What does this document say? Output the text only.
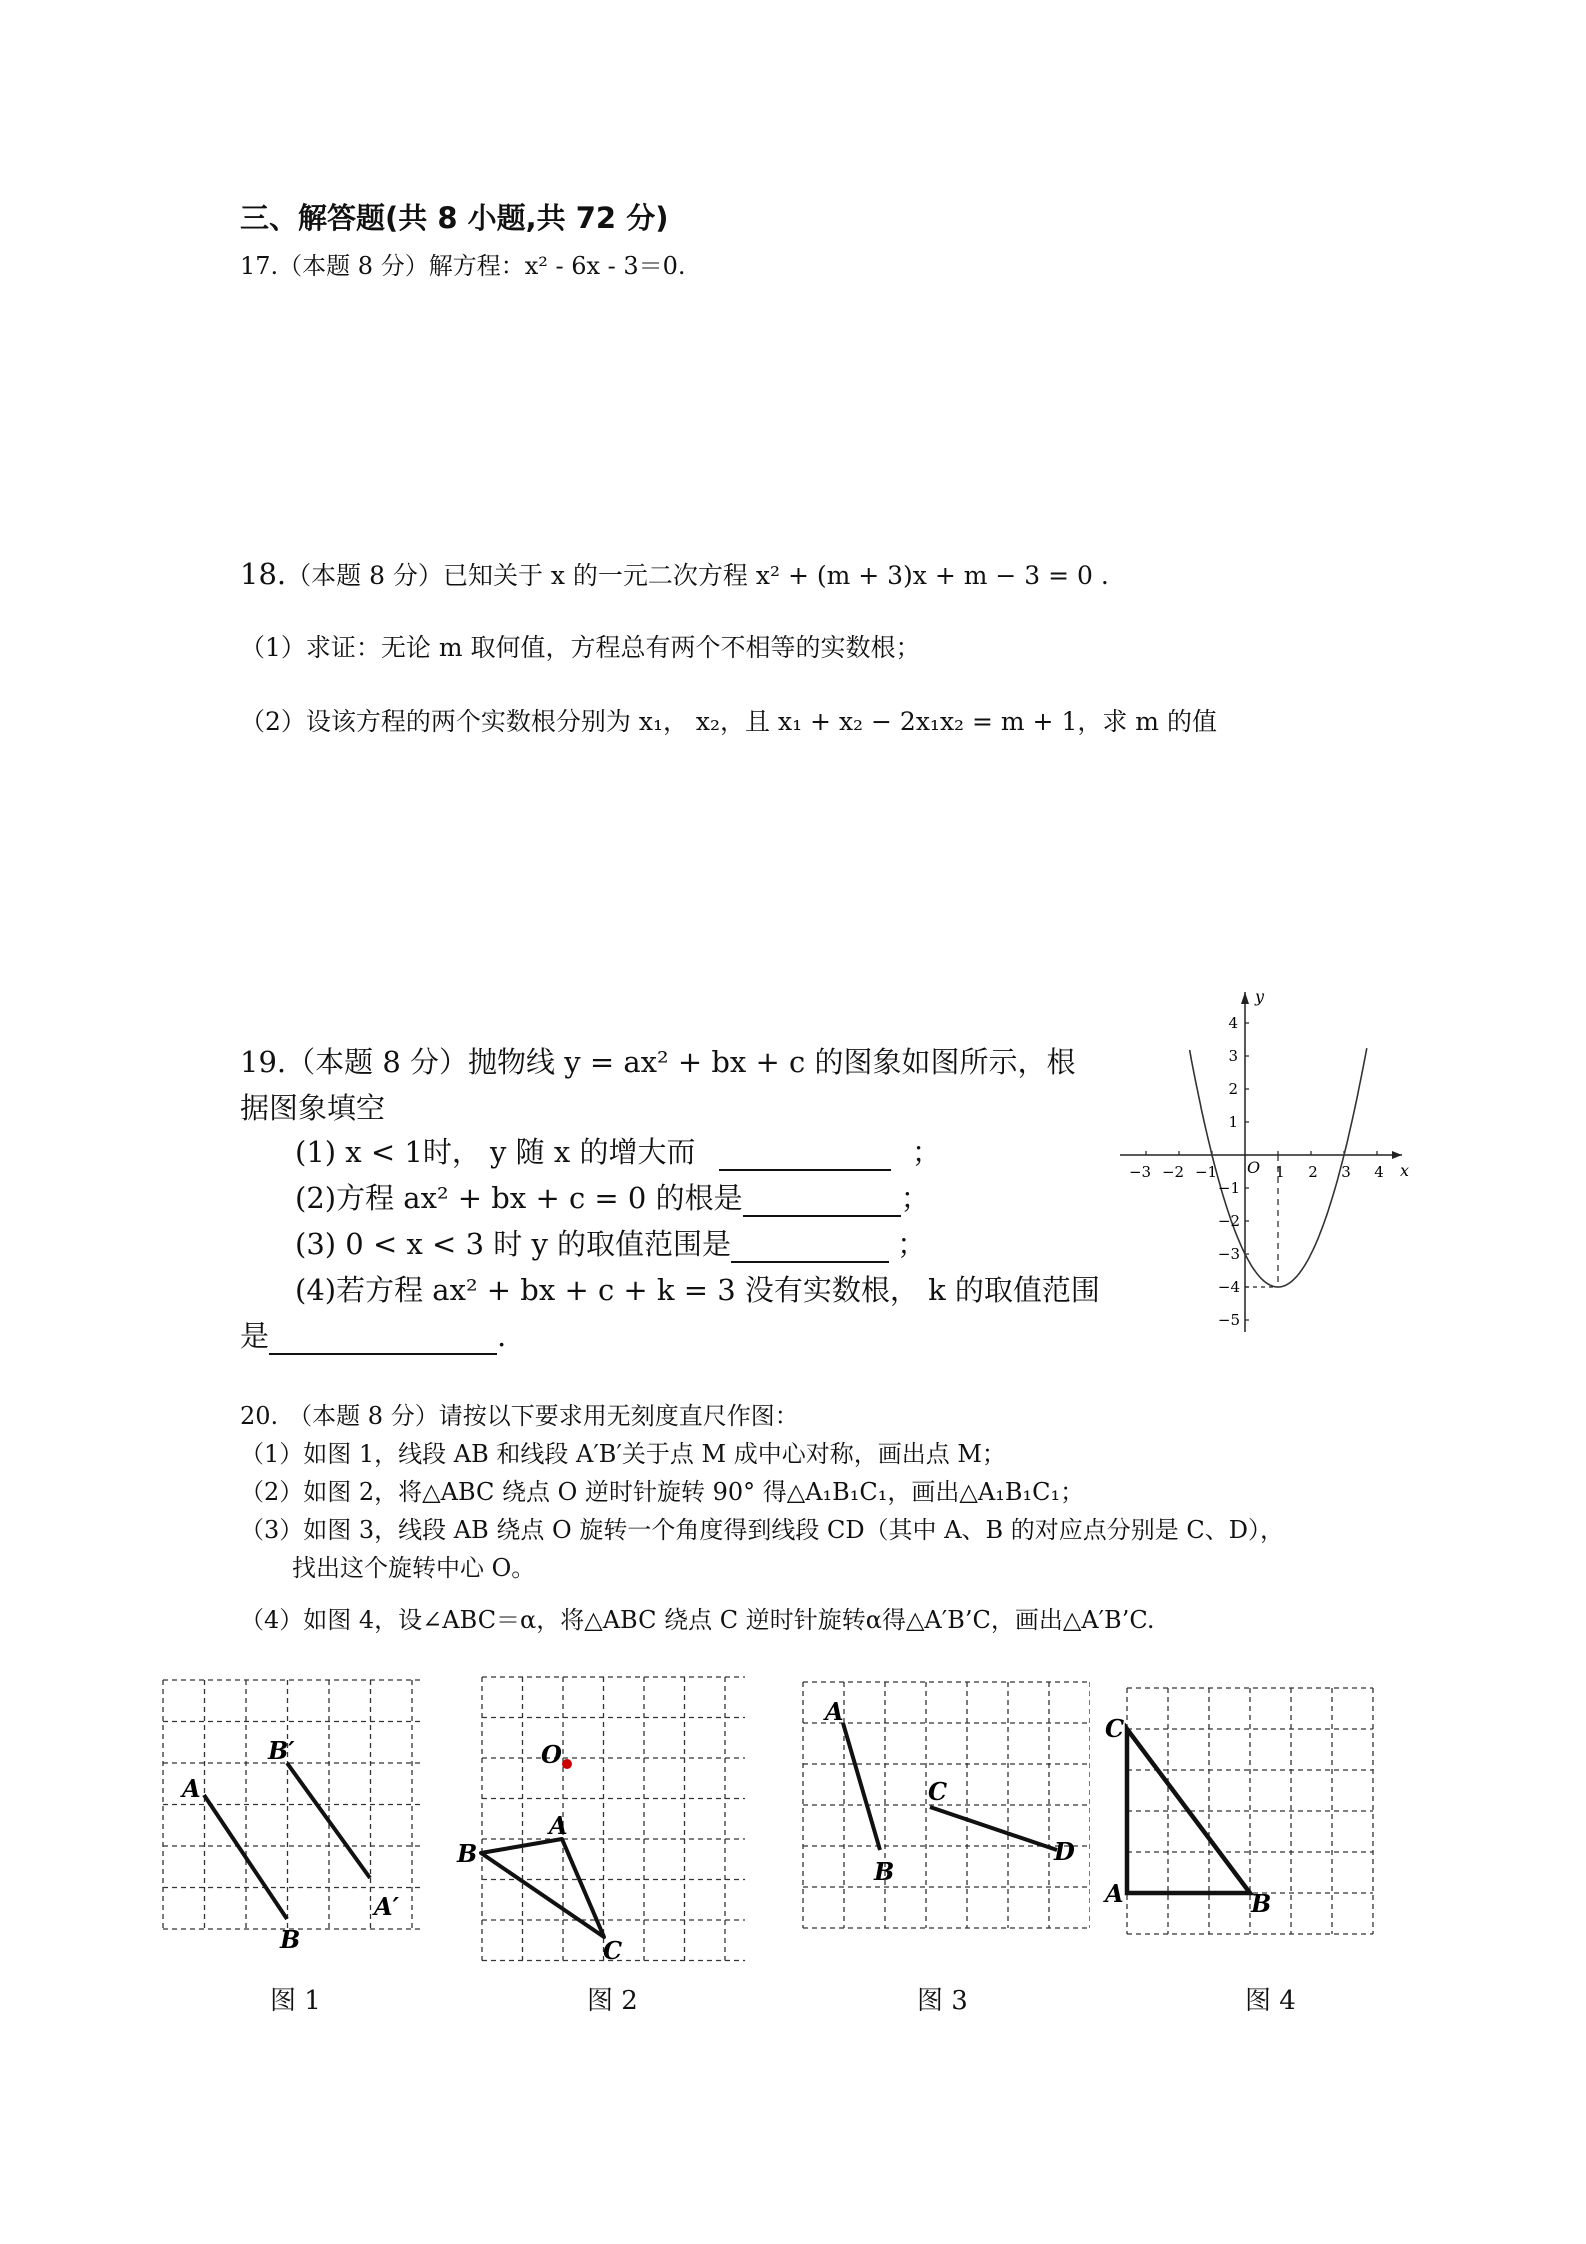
三、解答题(共 8 小题,共 72 分)
17.（本题 8 分）解方程：x² - 6x - 3＝0.
18.（本题 8 分）已知关于 x 的一元二次方程 x² + (m + 3)x + m − 3 = 0 .
（1）求证：无论 m 取何值，方程总有两个不相等的实数根；
（2）设该方程的两个实数根分别为 x₁， x₂，且 x₁ + x₂ − 2x₁x₂ = m + 1，求 m 的值
19.（本题 8 分）抛物线 y = ax² + bx + c 的图象如图所示，根
据图象填空
(1) x < 1时， y 随 x 的增大而	；
(2)方程 ax² + bx + c = 0 的根是	；
(3) 0 < x < 3 时 y 的取值范围是	；
(4)若方程 ax² + bx + c + k = 3 没有实数根， k 的取值范围
是	.
x
y
O
−3 −2 −1	1 2 3 4
4
3
2
1
−1
−2
−3
−4
−5
20. （本题 8 分）请按以下要求用无刻度直尺作图：
（1）如图 1，线段 AB 和线段 A′B′关于点 M 成中心对称，画出点 M；
（2）如图 2，将△ABC 绕点 O 逆时针旋转 90° 得△A₁B₁C₁，画出△A₁B₁C₁；
（3）如图 3，线段 AB 绕点 O 旋转一个角度得到线段 CD（其中 A、B 的对应点分别是 C、D），
找出这个旋转中心 O。
（4）如图 4，设∠ABC＝α，将△ABC 绕点 C 逆时针旋转α得△A′B’C，画出△A′B’C.
A
B
B′
A′
O
A
B
C
A
B
C
D
C
A	B
图 1	图 2	图 3	图 4
